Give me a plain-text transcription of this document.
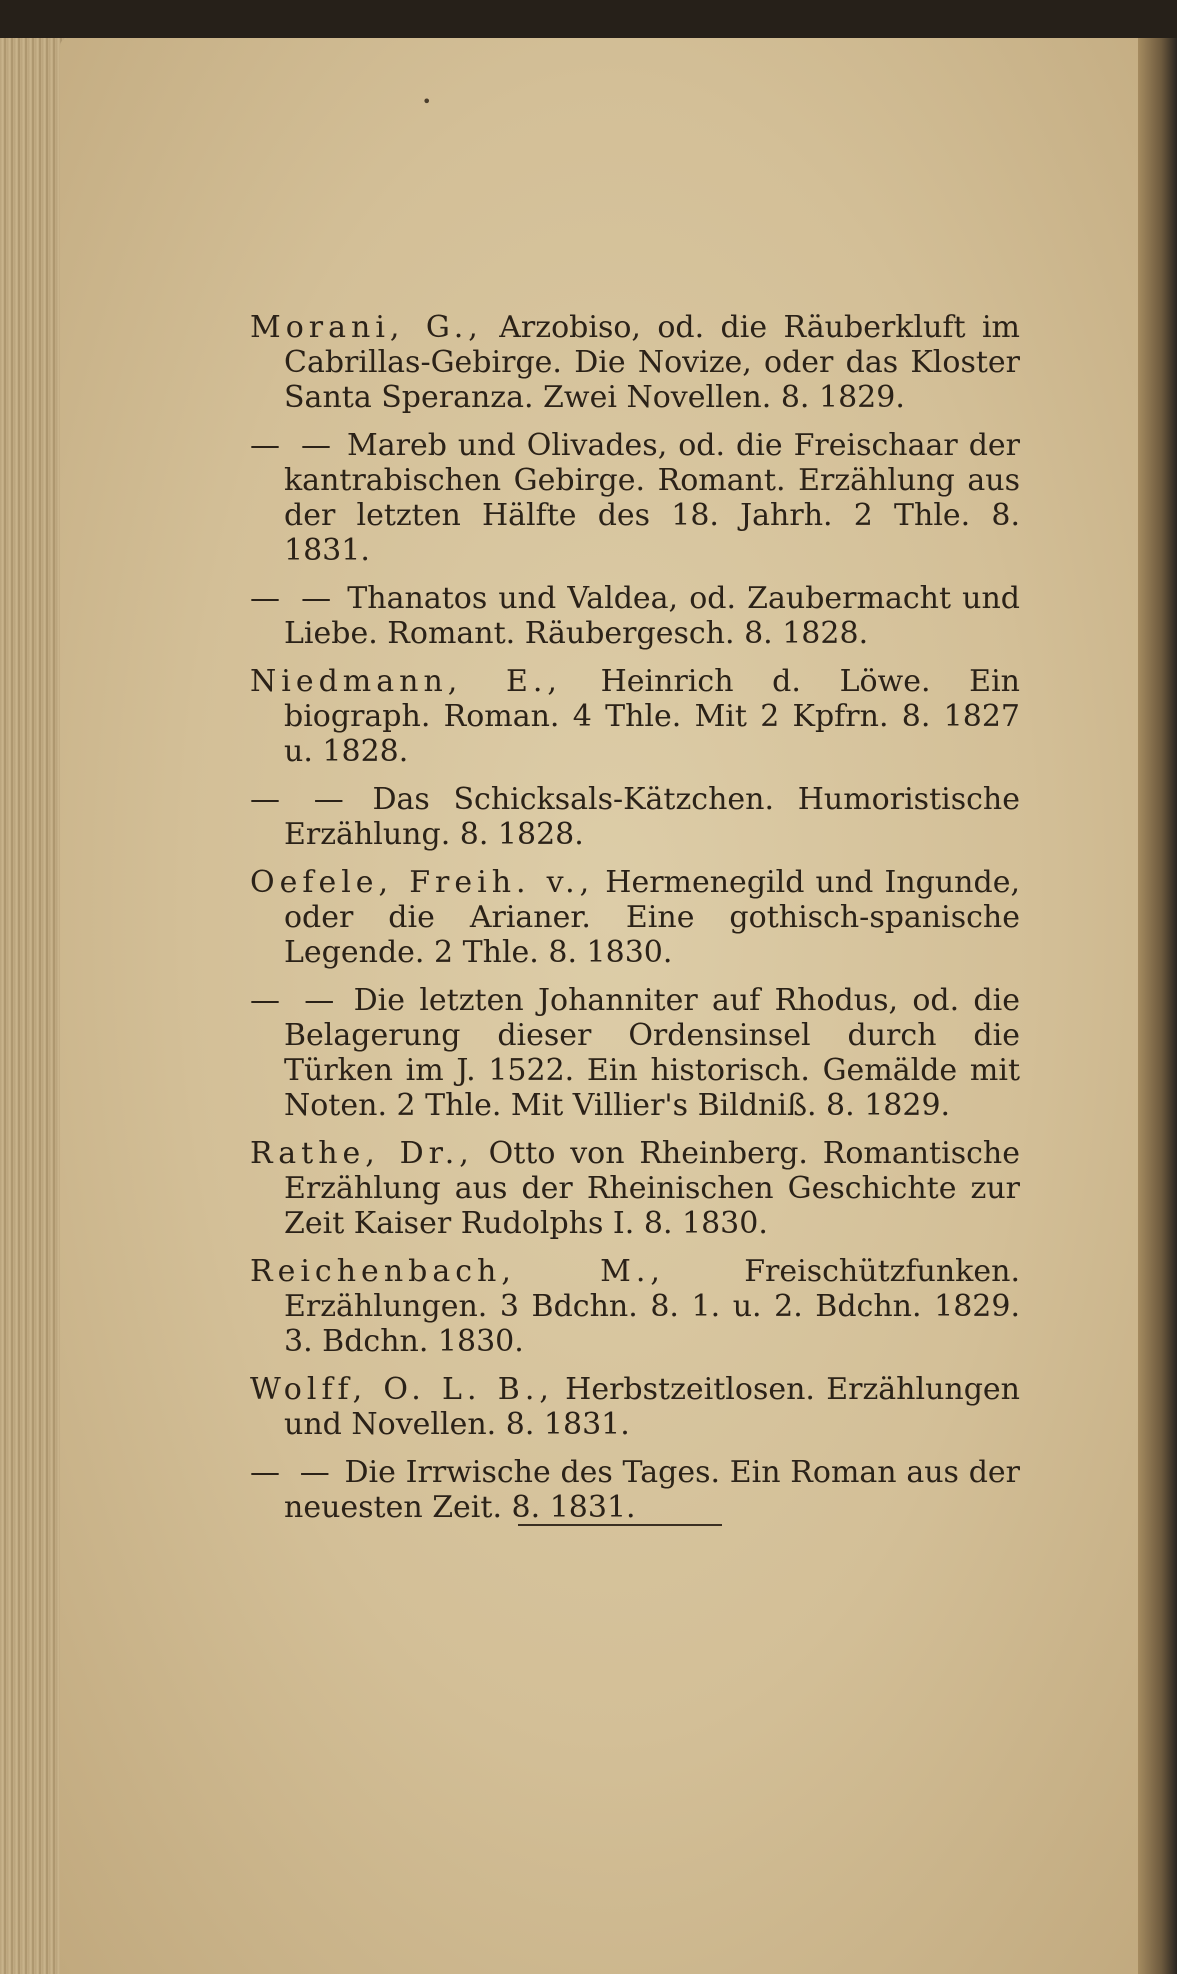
•

Morani, G., Arzobiso, od. die Räuberkluft im Cabrillas-Gebirge. Die Novize, oder das Kloster Santa Speranza. Zwei Novellen. 8. 1829.

— — Mareb und Olivades, od. die Freischaar der kantrabischen Gebirge. Romant. Erzählung aus der letzten Hälfte des 18. Jahrh. 2 Thle. 8. 1831.

— — Thanatos und Valdea, od. Zaubermacht und Liebe. Romant. Räubergesch. 8. 1828.

Niedmann, E., Heinrich d. Löwe. Ein biograph. Roman. 4 Thle. Mit 2 Kpfrn. 8. 1827 u. 1828.

— — Das Schicksals-Kätzchen. Humoristische Erzählung. 8. 1828.

Oefele, Freih. v., Hermenegild und Ingunde, oder die Arianer. Eine gothisch-spanische Legende. 2 Thle. 8. 1830.

— — Die letzten Johanniter auf Rhodus, od. die Belagerung dieser Ordensinsel durch die Türken im J. 1522. Ein historisch. Gemälde mit Noten. 2 Thle. Mit Villier's Bildniß. 8. 1829.

Rathe, Dr., Otto von Rheinberg. Romantische Erzählung aus der Rheinischen Geschichte zur Zeit Kaiser Rudolphs I. 8. 1830.

Reichenbach, M.,	Freischützfunken. Erzählungen. 3 Bdchn. 8. 1. u. 2. Bdchn. 1829. 3. Bdchn. 1830.

Wolff, O. L. B., Herbstzeitlosen. Erzählungen und Novellen. 8. 1831.

— — Die Irrwische des Tages. Ein Roman aus der neuesten Zeit. 8. 1831.
